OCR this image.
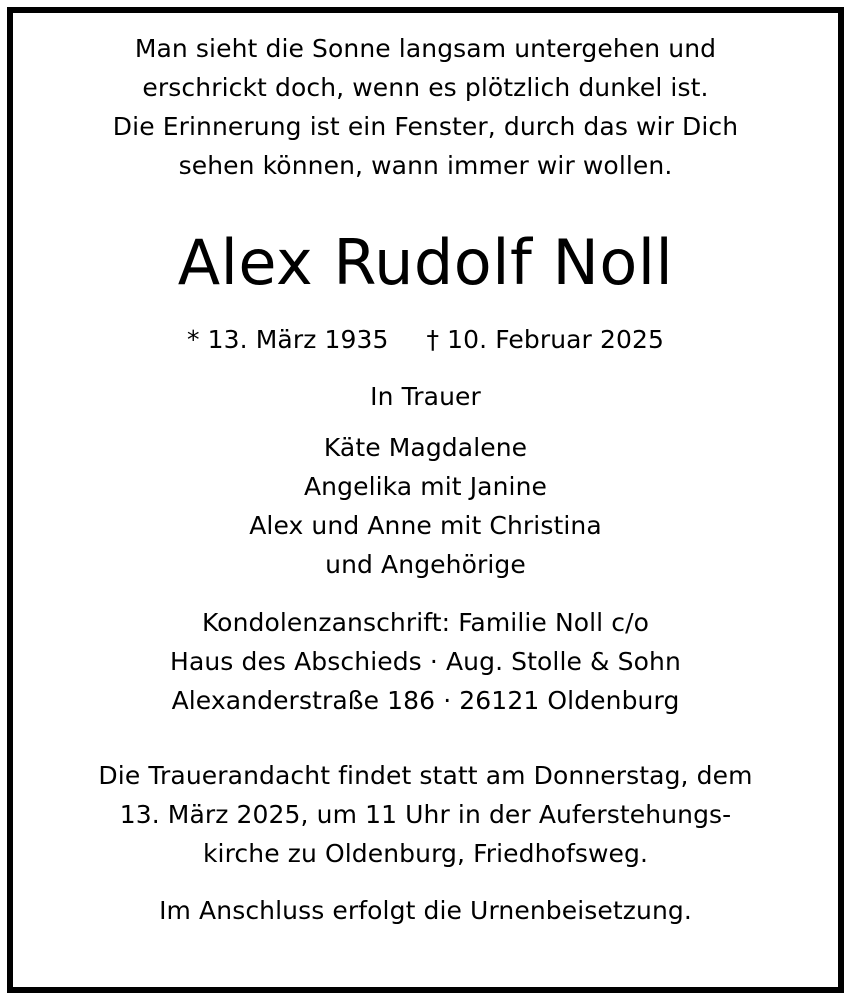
Man sieht die Sonne langsam untergehen und
erschrickt doch, wenn es plötzlich dunkel ist.
Die Erinnerung ist ein Fenster, durch das wir Dich
sehen können, wann immer wir wollen.
Alex Rudolf Noll
* 13. März 1935 † 10. Februar 2025
In Trauer
Käte Magdalene
Angelika mit Janine
Alex und Anne mit Christina
und Angehörige
Kondolenzanschrift: Familie Noll c/o
Haus des Abschieds · Aug. Stolle & Sohn
Alexanderstraße 186 · 26121 Oldenburg
Die Trauerandacht findet statt am Donnerstag, dem
13. März 2025, um 11 Uhr in der Auferstehungs-
kirche zu Oldenburg, Friedhofsweg.
Im Anschluss erfolgt die Urnenbeisetzung.
